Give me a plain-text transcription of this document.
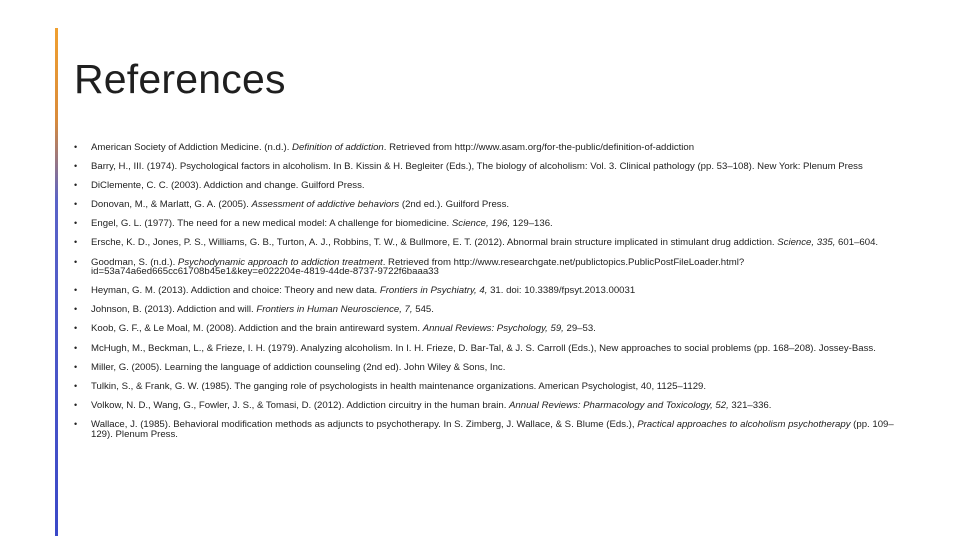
References
• American Society of Addiction Medicine. (n.d.). Definition of addiction. Retrieved from http://www.asam.org/for-the-public/definition-of-addiction
• Barry, H., III. (1974). Psychological factors in alcoholism. In B. Kissin & H. Begleiter (Eds.), The biology of alcoholism: Vol. 3. Clinical pathology (pp. 53–108). New York: Plenum Press
• DiClemente, C. C. (2003). Addiction and change. Guilford Press.
• Donovan, M., & Marlatt, G. A. (2005). Assessment of addictive behaviors (2nd ed.). Guilford Press.
• Engel, G. L. (1977). The need for a new medical model: A challenge for biomedicine. Science, 196, 129–136.
• Ersche, K. D., Jones, P. S., Williams, G. B., Turton, A. J., Robbins, T. W., & Bullmore, E. T. (2012). Abnormal brain structure implicated in stimulant drug addiction. Science, 335, 601–604.
• Goodman, S. (n.d.). Psychodynamic approach to addiction treatment. Retrieved from http://www.researchgate.net/publictopics.PublicPostFileLoader.html?id=53a74a6ed665cc61708b45e1&key=e022204e-4819-44de-8737-9722f6baaa33
• Heyman, G. M. (2013). Addiction and choice: Theory and new data. Frontiers in Psychiatry, 4, 31. doi: 10.3389/fpsyt.2013.00031
• Johnson, B. (2013). Addiction and will. Frontiers in Human Neuroscience, 7, 545.
• Koob, G. F., & Le Moal, M. (2008). Addiction and the brain antireward system. Annual Reviews: Psychology, 59, 29–53.
• McHugh, M., Beckman, L., & Frieze, I. H. (1979). Analyzing alcoholism. In I. H. Frieze, D. Bar-Tal, & J. S. Carroll (Eds.), New approaches to social problems (pp. 168–208). Jossey-Bass.
• Miller, G. (2005). Learning the language of addiction counseling (2nd ed). John Wiley & Sons, Inc.
• Tulkin, S., & Frank, G. W. (1985). The ganging role of psychologists in health maintenance organizations. American Psychologist, 40, 1125–1129.
• Volkow, N. D., Wang, G., Fowler, J. S., & Tomasi, D. (2012). Addiction circuitry in the human brain. Annual Reviews: Pharmacology and Toxicology, 52, 321–336.
• Wallace, J. (1985). Behavioral modification methods as adjuncts to psychotherapy. In S. Zimberg, J. Wallace, & S. Blume (Eds.), Practical approaches to alcoholism psychotherapy (pp. 109–129). Plenum Press.
